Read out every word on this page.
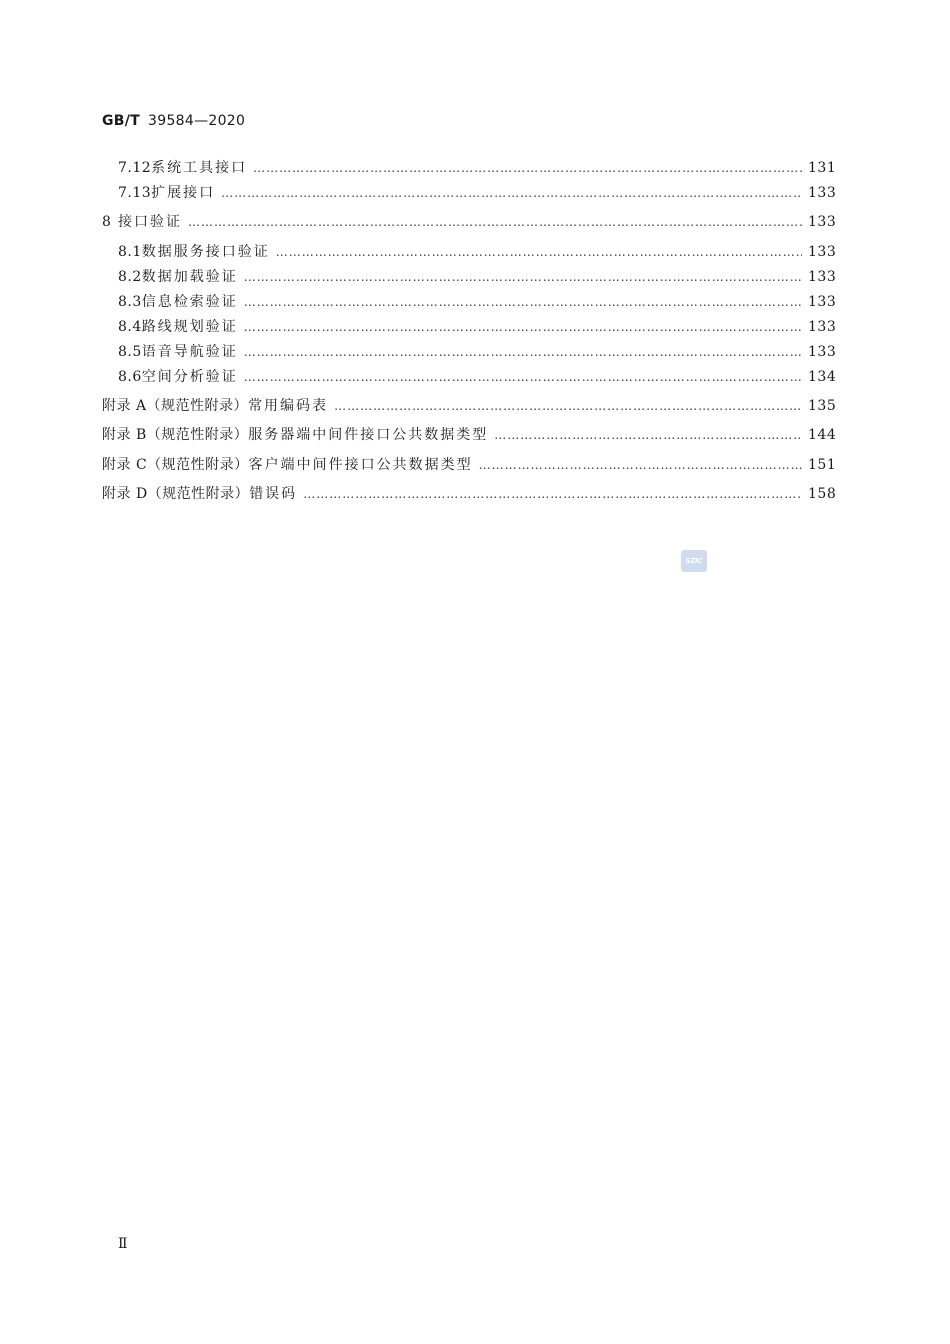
GB/T 39584—2020
7.12 系统工具接口 ……………………………………………………………………………………………………………………………………………………………………………………………………	131
7.13 扩展接口 ……………………………………………………………………………………………………………………………………………………………………………………………………	133
8 接口验证 ……………………………………………………………………………………………………………………………………………………………………………………………………	133
8.1 数据服务接口验证 ……………………………………………………………………………………………………………………………………………………………………………………………………	133
8.2 数据加载验证 ……………………………………………………………………………………………………………………………………………………………………………………………………	133
8.3 信息检索验证 ……………………………………………………………………………………………………………………………………………………………………………………………………	133
8.4 路线规划验证 ……………………………………………………………………………………………………………………………………………………………………………………………………	133
8.5 语音导航验证 ……………………………………………………………………………………………………………………………………………………………………………………………………	133
8.6 空间分析验证 ……………………………………………………………………………………………………………………………………………………………………………………………………	134
附录 A（规范性附录） 常用编码表 ……………………………………………………………………………………………………………………………………………………………………………………………………	135
附录 B（规范性附录） 服务器端中间件接口公共数据类型 ……………………………………………………………………………………………………………………………………………………………………………………………………	144
附录 C（规范性附录） 客户端中间件接口公共数据类型 ……………………………………………………………………………………………………………………………………………………………………………………………………	151
附录 D（规范性附录） 错误码 ……………………………………………………………………………………………………………………………………………………………………………………………………	158
SZIC
Ⅱ
